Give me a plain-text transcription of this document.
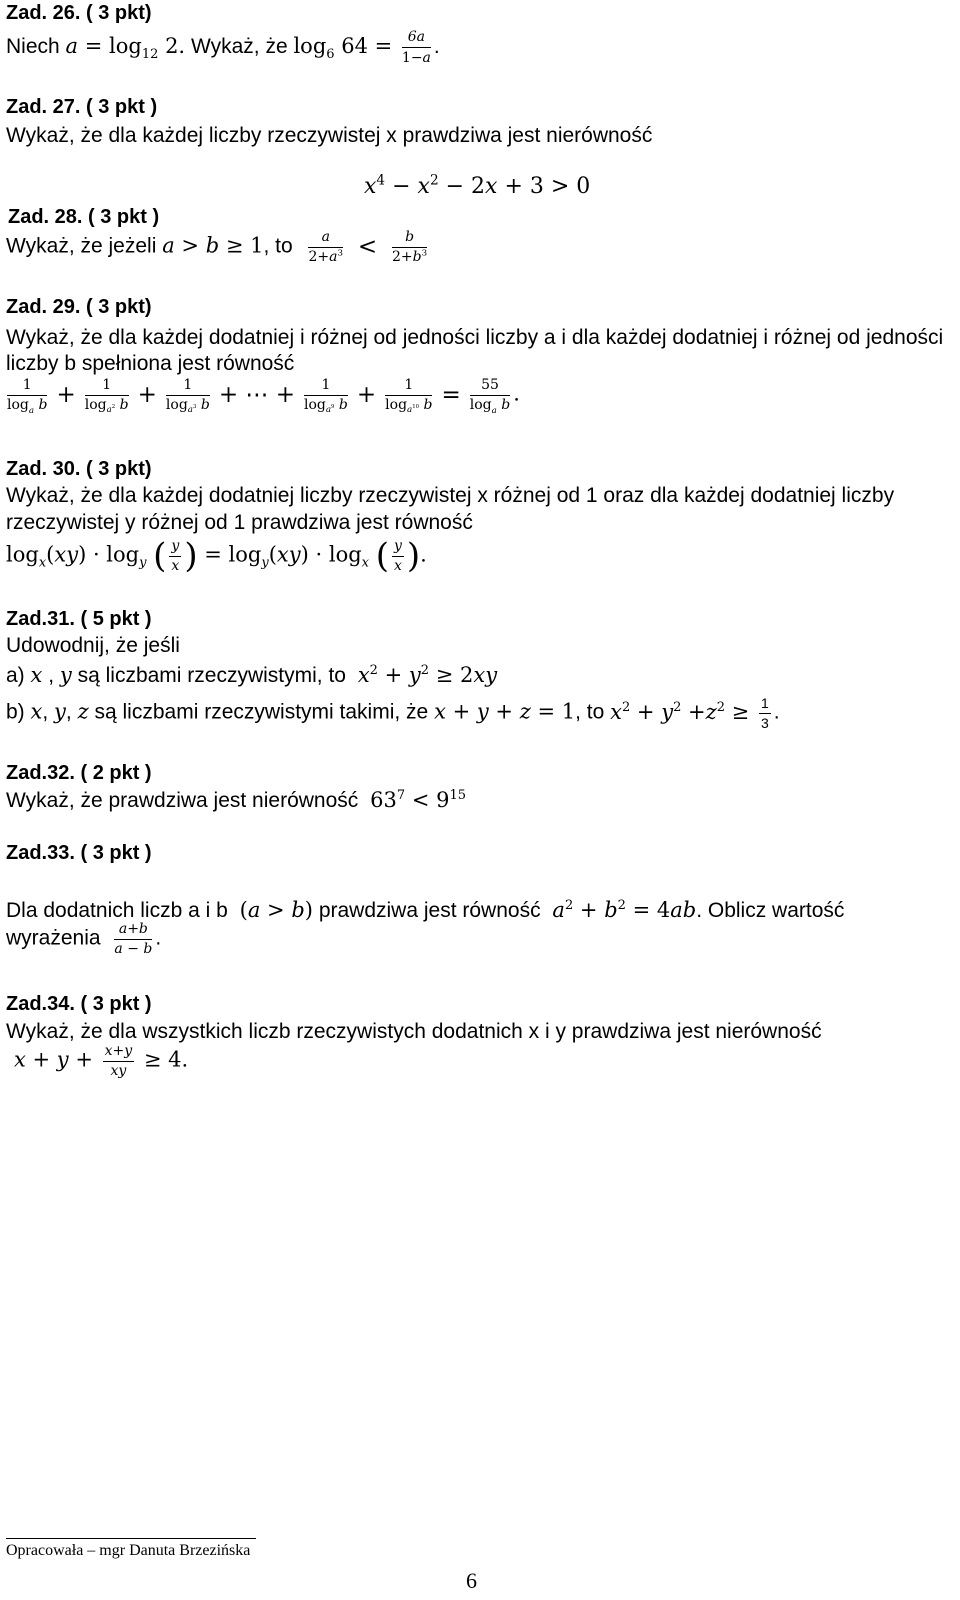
Zad. 26. ( 3 pkt)
Niech $a = \log_{12} 2$. Wykaż, że $\log_6 64 = \frac{6a}{1-a}$ .
Zad. 27. ( 3 pkt )
Wykaż, że dla każdej liczby rzeczywistej x prawdziwa jest nierówność
$x^4 - x^2 - 2x + 3 > 0$
Zad. 28. ( 3 pkt )
Wykaż, że jeżeli a > b ≥ 1, to $\frac{a}{2+a^3} < \frac{b}{2+b^3}$
Zad. 29. ( 3 pkt)
Wykaż, że dla każdej dodatniej i różnej od jedności liczby a i dla każdej dodatniej i różnej od jedności
liczby b spełniona jest równość
$\frac{1}{\log_a b} + \frac{1}{\log_{a^2} b} + \frac{1}{\log_{a^3} b}$ + ⋯ + $\frac{1}{\log_{a^9} b} + \frac{1}{\log_{a^{10}} b} = \frac{55}{\log_a b}$ .
Zad. 30. ( 3 pkt)
Wykaż, że dla każdej dodatniej liczby rzeczywistej x różnej od 1 oraz dla każdej dodatniej liczby
rzeczywistej y różnej od 1 prawdziwa jest równość
$\log_x(xy) \cdot \log_y$ ( $\frac{y}{x}$ ) = $\log_y(xy) \cdot \log_x$ ( $\frac{y}{x}$ ).
Zad.31. ( 5 pkt )
Udowodnij, że jeśli
a) x , y są liczbami rzeczywistymi, to $x^2 + y^2 \ge 2xy$
b) x, y, z są liczbami rzeczywistymi takimi, że x + y + z = 1, to $x^2 + y^2 +z^2 \ge \frac{1}{3}$ .
Zad.32. ( 2 pkt )
Wykaż, że prawdziwa jest nierówność $63^7 < 9^{15}$
Zad.33. ( 3 pkt )
Dla dodatnich liczb a i b (a > b) prawdziwa jest równość $a^2 + b^2 = 4ab$. Oblicz wartość
wyrażenia $\frac{a+b}{a - b}$ .
Zad.34. ( 3 pkt )
Wykaż, że dla wszystkich liczb rzeczywistych dodatnich x i y prawdziwa jest nierówność
$x + y + \frac{x+y}{xy} \ge 4$.
Opracowała – mgr Danuta Brzezińska
6
